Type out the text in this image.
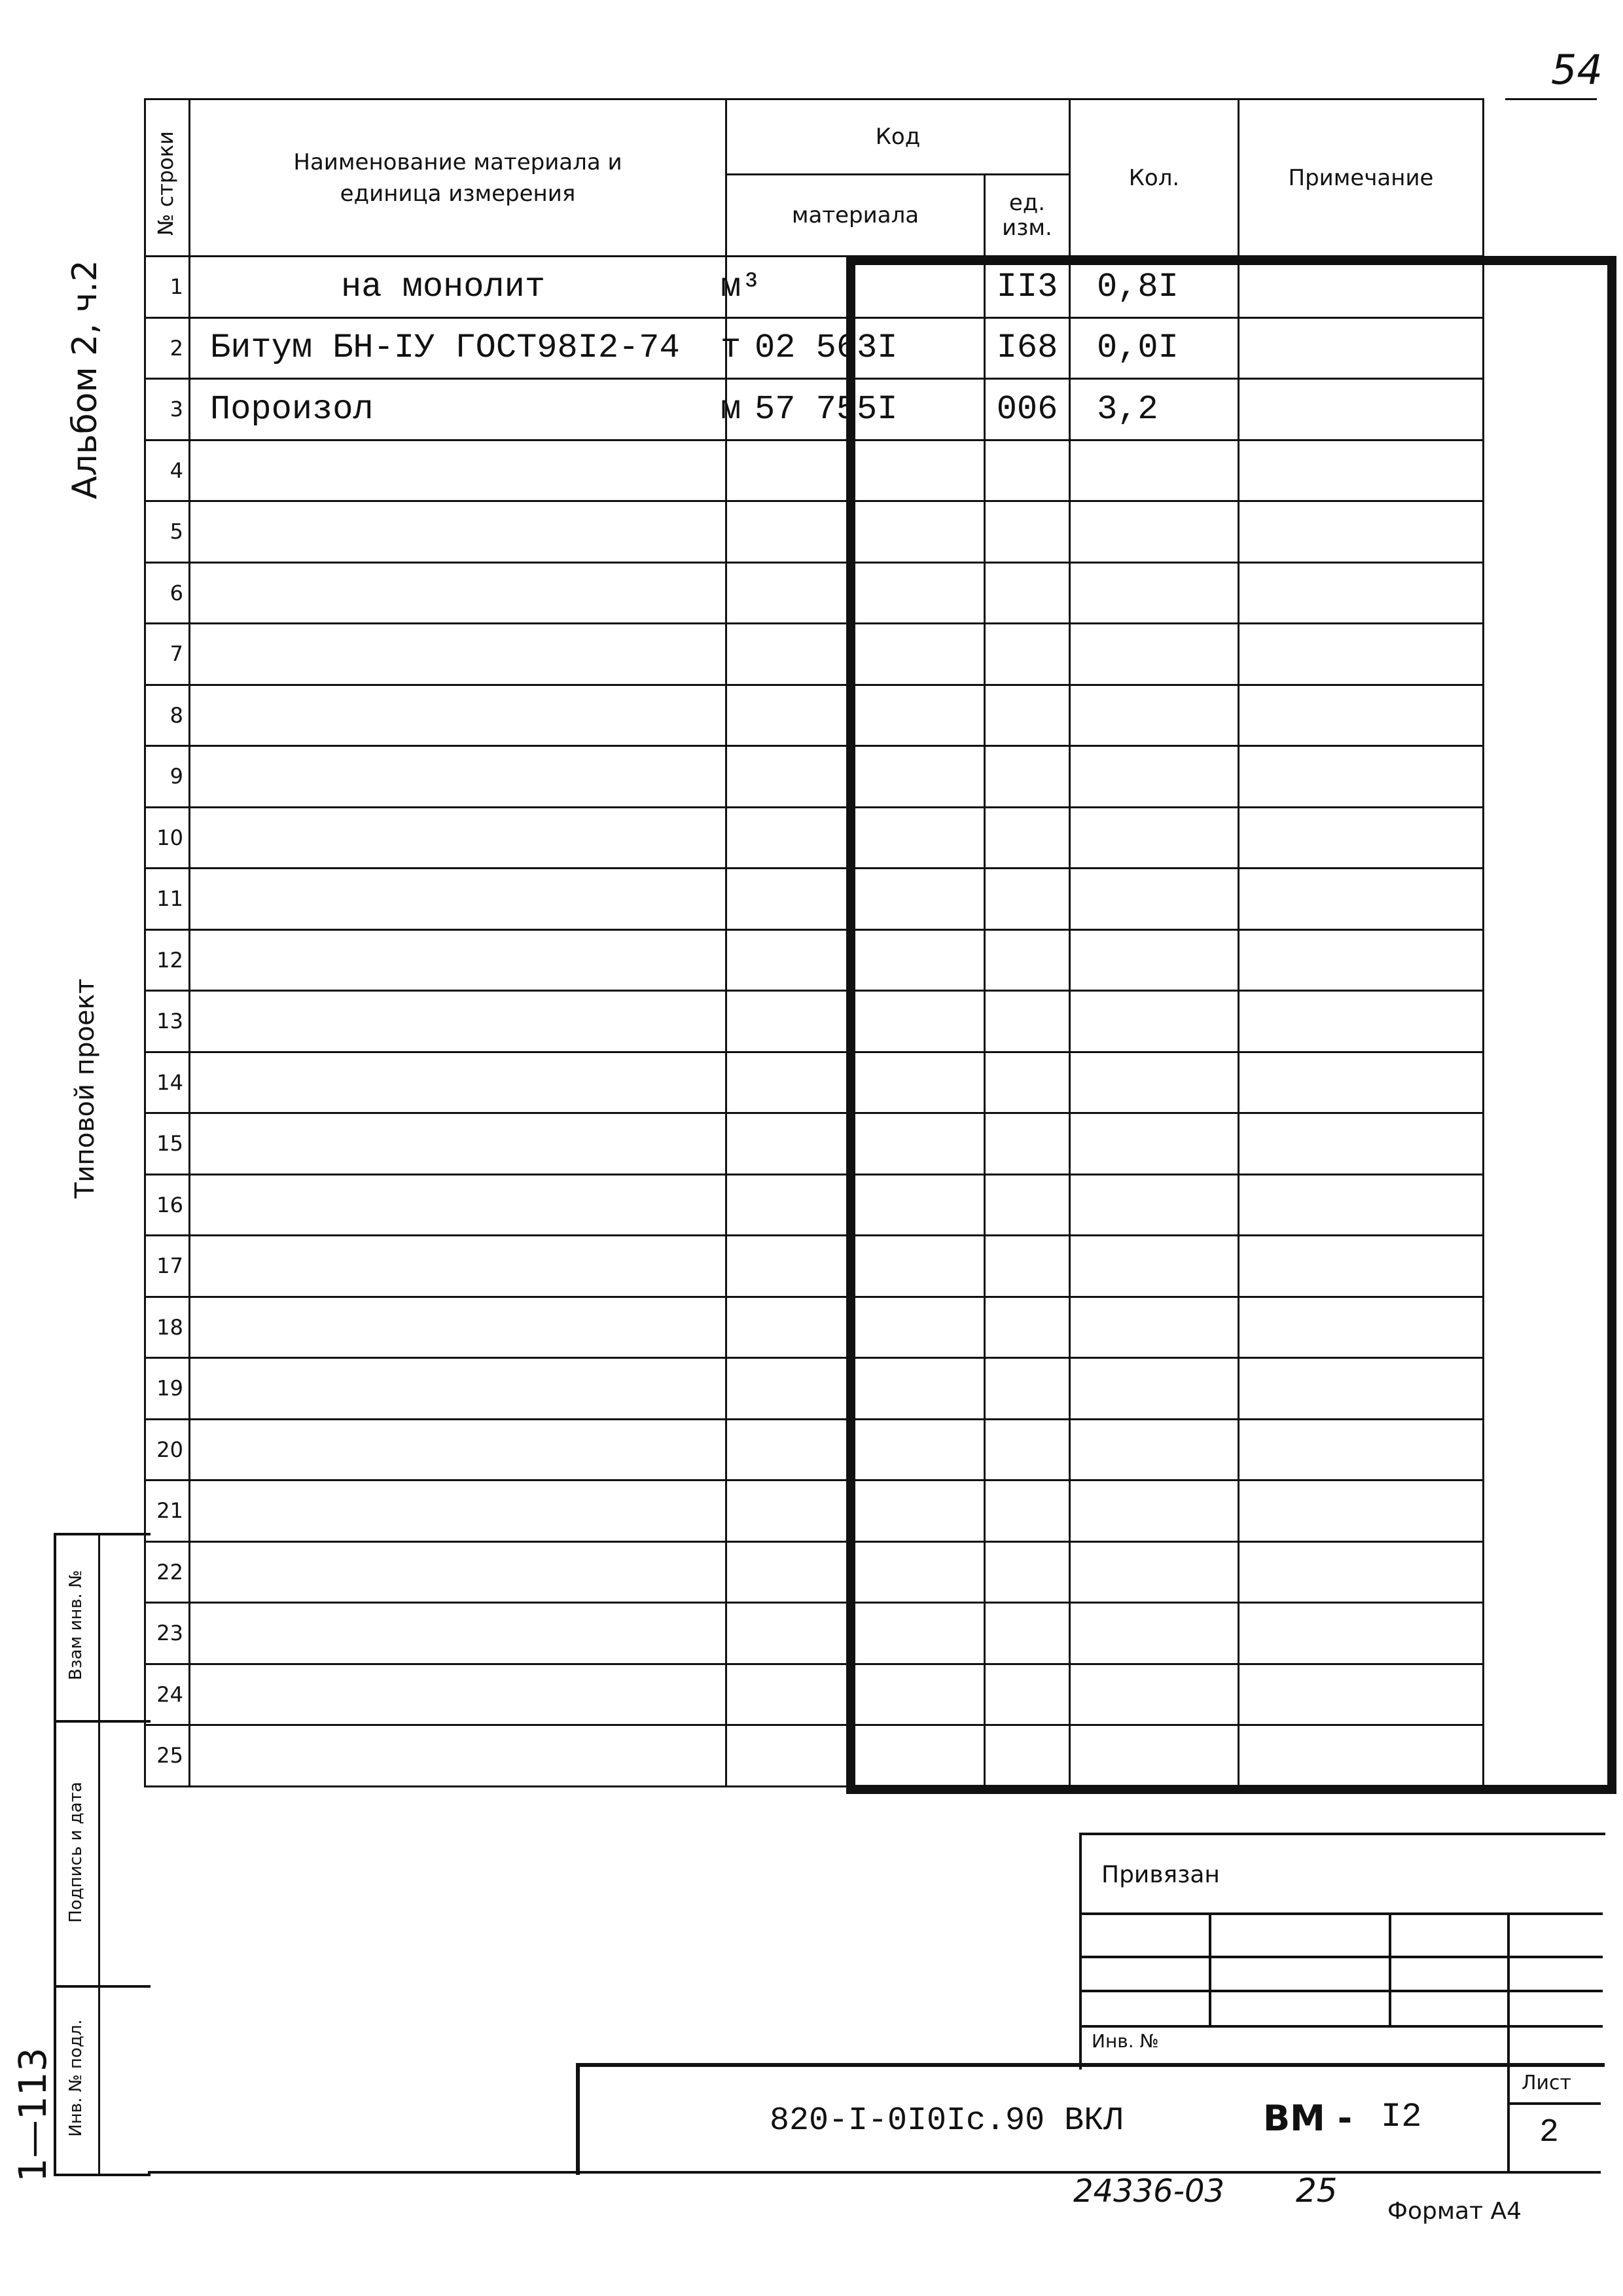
54
Альбом 2, ч.2
Типовой проект
1—113
Взам инв. №
Подпись и дата
Инв. № подл.
№ строки	Наименование материала и единица измерения	Код		Кол.	Примечание
		материала	ед. изм.		
1	на монолит м³		II3	0,8I	
2	Битум БН-IУ ГОСТ98I2-74 т	02 563I	I68	0,0I	
3	Пороизол м	57 755I	006	3,2	
4					
5					
6					
7					
8					
9					
10					
11					
12					
13					
14					
15					
16					
17					
18					
19					
20					
21					
22					
23					
24					
25					
Привязан
Инв. №
820-I-0I0Iс.90 ВКЛ	ВМ - I2
Лист
2
24336-03 25
Формат А4
